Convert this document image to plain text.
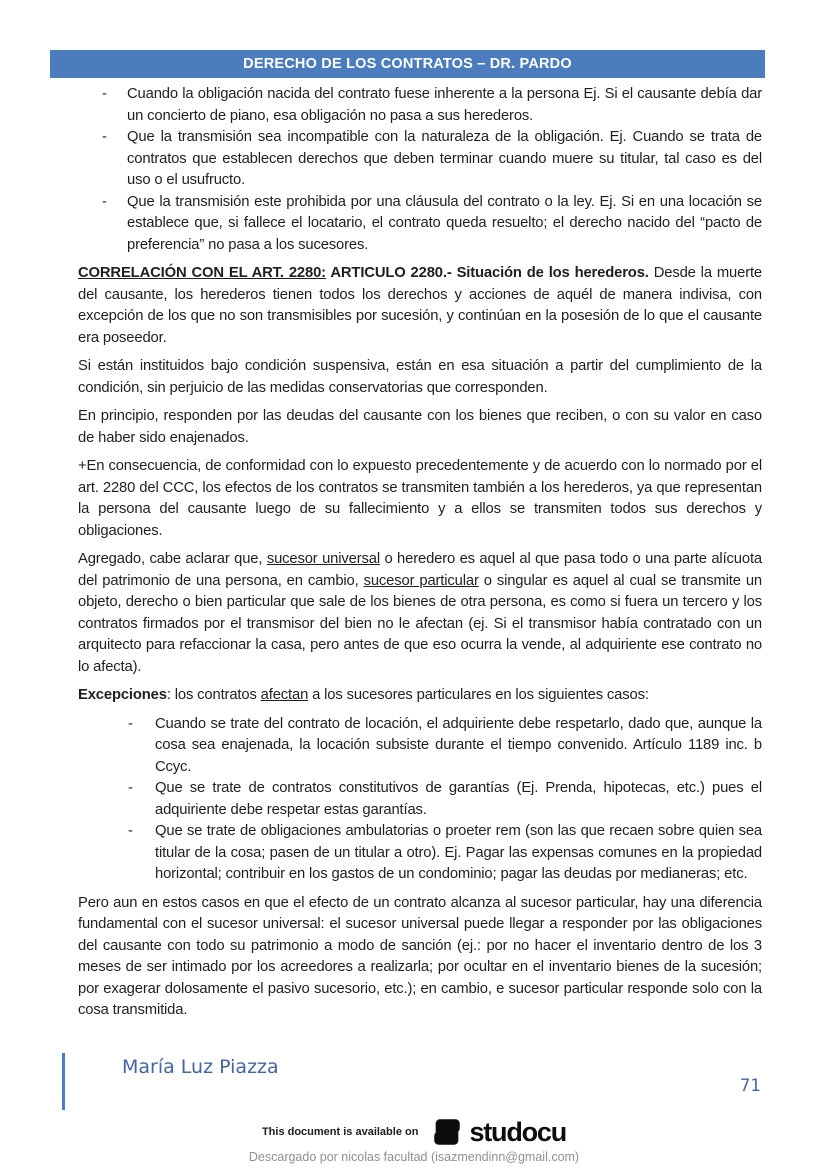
DERECHO DE LOS CONTRATOS – DR. PARDO
-	Cuando la obligación nacida del contrato fuese inherente a la persona Ej. Si el causante debía dar un concierto de piano, esa obligación no pasa a sus herederos.
-	Que la transmisión sea incompatible con la naturaleza de la obligación. Ej. Cuando se trata de contratos que establecen derechos que deben terminar cuando muere su titular, tal caso es del uso o el usufructo.
-	Que la transmisión este prohibida por una cláusula del contrato o la ley. Ej. Si en una locación se establece que, si fallece el locatario, el contrato queda resuelto; el derecho nacido del “pacto de preferencia” no pasa a los sucesores.

CORRELACIÓN CON EL ART. 2280: ARTICULO 2280.- Situación de los herederos. Desde la muerte del causante, los herederos tienen todos los derechos y acciones de aquél de manera indivisa, con excepción de los que no son transmisibles por sucesión, y continúan en la posesión de lo que el causante era poseedor.

Si están instituidos bajo condición suspensiva, están en esa situación a partir del cumplimiento de la condición, sin perjuicio de las medidas conservatorias que corresponden.

En principio, responden por las deudas del causante con los bienes que reciben, o con su valor en caso de haber sido enajenados.

+En consecuencia, de conformidad con lo expuesto precedentemente y de acuerdo con lo normado por el art. 2280 del CCC, los efectos de los contratos se transmiten también a los herederos, ya que representan la persona del causante luego de su fallecimiento y a ellos se transmiten todos sus derechos y obligaciones.

Agregado, cabe aclarar que, sucesor universal o heredero es aquel al que pasa todo o una parte alícuota del patrimonio de una persona, en cambio, sucesor particular o singular es aquel al cual se transmite un objeto, derecho o bien particular que sale de los bienes de otra persona, es como si fuera un tercero y los contratos firmados por el transmisor del bien no le afectan (ej. Si el transmisor había contratado con un arquitecto para refaccionar la casa, pero antes de que eso ocurra la vende, al adquiriente ese contrato no lo afecta).

Excepciones: los contratos afectan a los sucesores particulares en los siguientes casos:

-	Cuando se trate del contrato de locación, el adquiriente debe respetarlo, dado que, aunque la cosa sea enajenada, la locación subsiste durante el tiempo convenido. Artículo 1189 inc. b Ccyc.
-	Que se trate de contratos constitutivos de garantías (Ej. Prenda, hipotecas, etc.) pues el adquiriente debe respetar estas garantías.
-	Que se trate de obligaciones ambulatorias o proeter rem (son las que recaen sobre quien sea titular de la cosa; pasen de un titular a otro). Ej. Pagar las expensas comunes en la propiedad horizontal; contribuir en los gastos de un condominio; pagar las deudas por medianeras; etc.

Pero aun en estos casos en que el efecto de un contrato alcanza al sucesor particular, hay una diferencia fundamental con el sucesor universal: el sucesor universal puede llegar a responder por las obligaciones del causante con todo su patrimonio a modo de sanción (ej.: por no hacer el inventario dentro de los 3 meses de ser intimado por los acreedores a realizarla; por ocultar en el inventario bienes de la sucesión; por exagerar dolosamente el pasivo sucesorio, etc.); en cambio, e sucesor particular responde solo con la cosa transmitida.

María Luz Piazza
71
This document is available on studocu
Descargado por nicolas facultad (isazmendinn@gmail.com)
